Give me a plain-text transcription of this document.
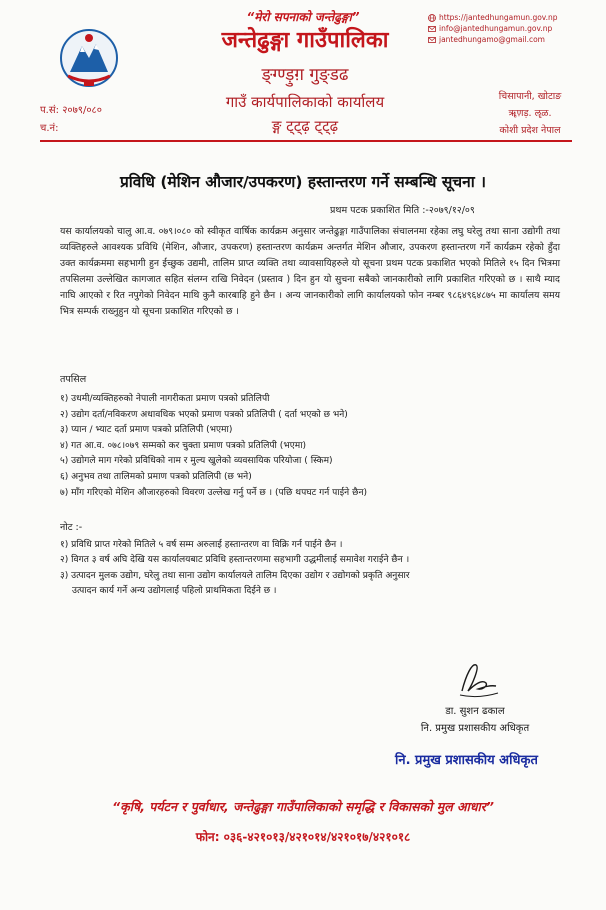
“मेरो सपनाको जन्तेढुङ्गा”
जन्तेढुङ्गा गाउँपालिका
ङ्ग्ण्ड़ुग़ गुङ्डढ
गाउँ कार्यपालिकाको कार्यालय
ङ्ग ट्ट्ढ़ ट्ट्ढ़
https://jantedhungamun.gov.np
info@jantedhungamun.gov.np
jantedhungamo@gmail.com
प.सं: २०७९/०८०
च.नं:
चिसापानी, खोटाङ
ॠण़ड़. ॡळ.
कोशी प्रदेश नेपाल
प्रविधि (मेशिन औजार/उपकरण) हस्तान्तरण गर्ने सम्बन्धि सूचना ।
प्रथम पटक प्रकाशित मिति :-२०७९/१२/०९
यस कार्यालयको चालु आ.व. ०७९।०८० को स्वीकृत वार्षिक कार्यक्रम अनुसार जन्तेढुङ्गा गाउँपालिका संचालनमा रहेका लघु घरेलु तथा साना उद्योगी तथा व्यक्तिहरुले आवश्यक प्रविधि (मेशिन, औजार, उपकरण) हस्तान्तरण कार्यक्रम अन्तर्गत मेशिन औजार, उपकरण हस्तान्तरण गर्ने कार्यक्रम रहेको हुँदा उक्त कार्यक्रममा सहभागी हुन ईच्छुक उद्यमी, तालिम प्राप्त व्यक्ति तथा व्यावसायिहरुले यो सूचना प्रथम पटक प्रकाशित भएको मितिले १५ दिन भित्रमा तपसिलमा उल्लेखित कागजात सहित संलग्न राखि निवेदन (प्रस्ताव ) दिन हुन यो सुचना सबैको जानकारीको लागि प्रकाशित गरिएको छ । साथै म्याद नाघि आएको र रित नपुगेको निवेदन माथि कुनै कारबाहि हुने छैन । अन्य जानकारीको लागि कार्यालयको फोन नम्बर ९८६४९६४८७५ मा कार्यालय समय भित्र सम्पर्क राख्नुहुन यो सूचना प्रकाशित गरिएको छ ।
तपसिल
१) उधमी/व्यक्तिहरुको नेपाली नागरीकता प्रमाण पत्रको प्रतिलिपी
२) उद्योग दर्ता/नविकरण अधावधिक भएको प्रमाण पत्रको प्रतिलिपी ( दर्ता भएको छ भने)
३) प्यान / भ्याट दर्ता प्रमाण पत्रको प्रतिलिपी (भएमा)
४) गत आ.व. ०७८।०७९ सम्मको कर चुक्ता प्रमाण पत्रको प्रतिलिपी (भएमा)
५) उद्योगले माग गरेको प्रविधिको नाम र मुल्य खुलेको व्यवसायिक परियोजा ( स्किम)
६) अनुभव तथा तालिमको प्रमाण पत्रको प्रतिलिपी (छ भने)
७) माँग गरिएको मेशिन औजारहरुको विवरण उल्लेख गर्नु पर्ने छ । (पछि थपघट गर्न पाईने छैन)
नोट :-
१) प्रविधि प्राप्त गरेको मितिले ५ वर्ष सम्म अरुलाई हस्तान्तरण वा विक्रि गर्न पाईने छैन ।
२) विगत ३ वर्ष अघि देखि यस कार्यालयबाट प्रविधि हस्तान्तरणमा सहभागी उद्धमीलाई समावेश गराईने छैन ।
३) उत्पादन मुलक उद्योग, घरेलु तथा साना उद्योग कार्यालयले तालिम दिएका उद्योग र उद्योगको प्रकृति अनुसार
उत्पादन कार्य गर्ने अन्य उद्योगलाई पहिलो प्राथमिकता दिईने छ ।
डा. सुशन ढकाल
नि. प्रमुख प्रशासकीय अधिकृत
नि. प्रमुख प्रशासकीय अधिकृत
“कृषि, पर्यटन र पुर्वाधार, जन्तेढुङ्गा गाउँपालिकाको समृद्धि र विकासको मुल आधार”
फोन: ०३६-४२१०१३/४२१०१४/४२१०१७/४२१०१८
